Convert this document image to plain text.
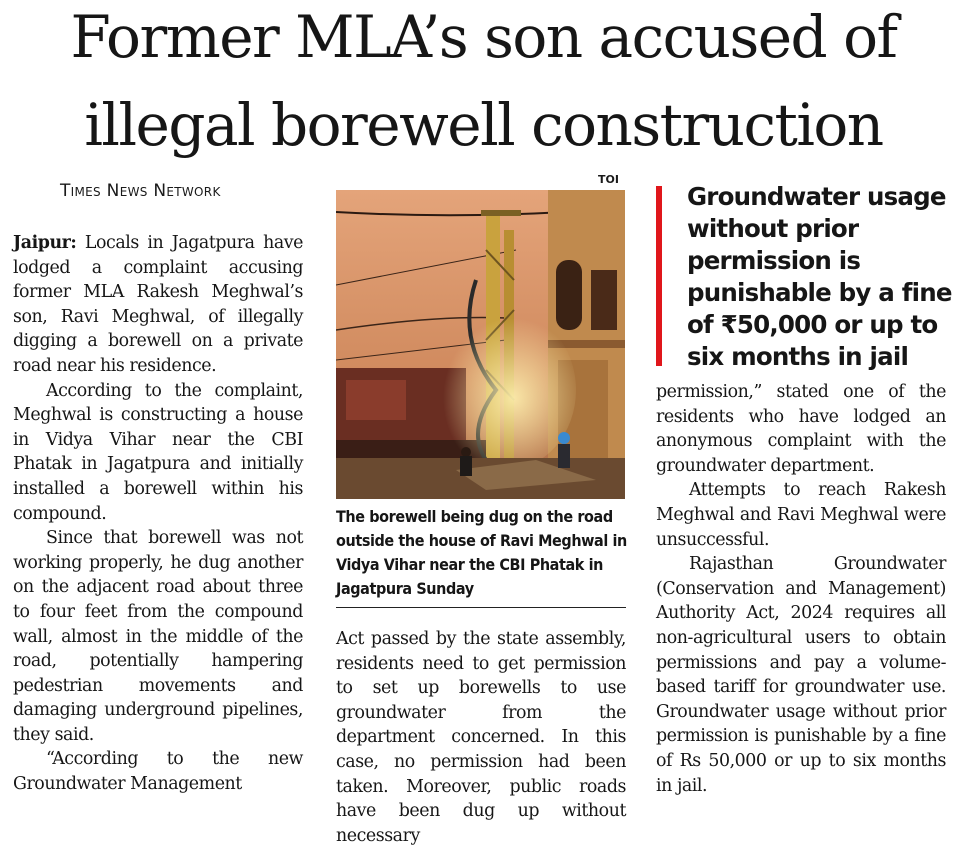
Former MLA’s son accused of
illegal borewell construction
Times News Network

Jaipur: Locals in Jagatpura have lodged a complaint accusing former MLA Rakesh Meghwal’s son, Ravi Meghwal, of illegally digging a borewell on a private road near his residence.

According to the complaint, Meghwal is constructing a house in Vidya Vihar near the CBI Phatak in Jagatpura and initially installed a borewell within his compound.

Since that borewell was not working properly, he dug another on the adjacent road about three to four feet from the compound wall, almost in the middle of the road, potentially hampering pedestrian movements and damaging underground pipelines, they said.

“According to the new Groundwater Management

TOI
The borewell being dug on the road outside the house of Ravi Meghwal in Vidya Vihar near the CBI Phatak in Jagatpura Sunday

Act passed by the state assembly, residents need to get permission to set up borewells to use groundwater from the department concerned. In this case, no permission had been taken. Moreover, public roads have been dug up without necessary

Groundwater usage without prior permission is punishable by a fine of ₹50,000 or up to six months in jail

permission,” stated one of the residents who have lodged an anonymous complaint with the groundwater department.

Attempts to reach Rakesh Meghwal and Ravi Meghwal were unsuccessful.

Rajasthan Groundwater (Conservation and Management) Authority Act, 2024 requires all non-agricultural users to obtain permissions and pay a volume-based tariff for groundwater use. Groundwater usage without prior permission is punishable by a fine of Rs 50,000 or up to six months in jail.
